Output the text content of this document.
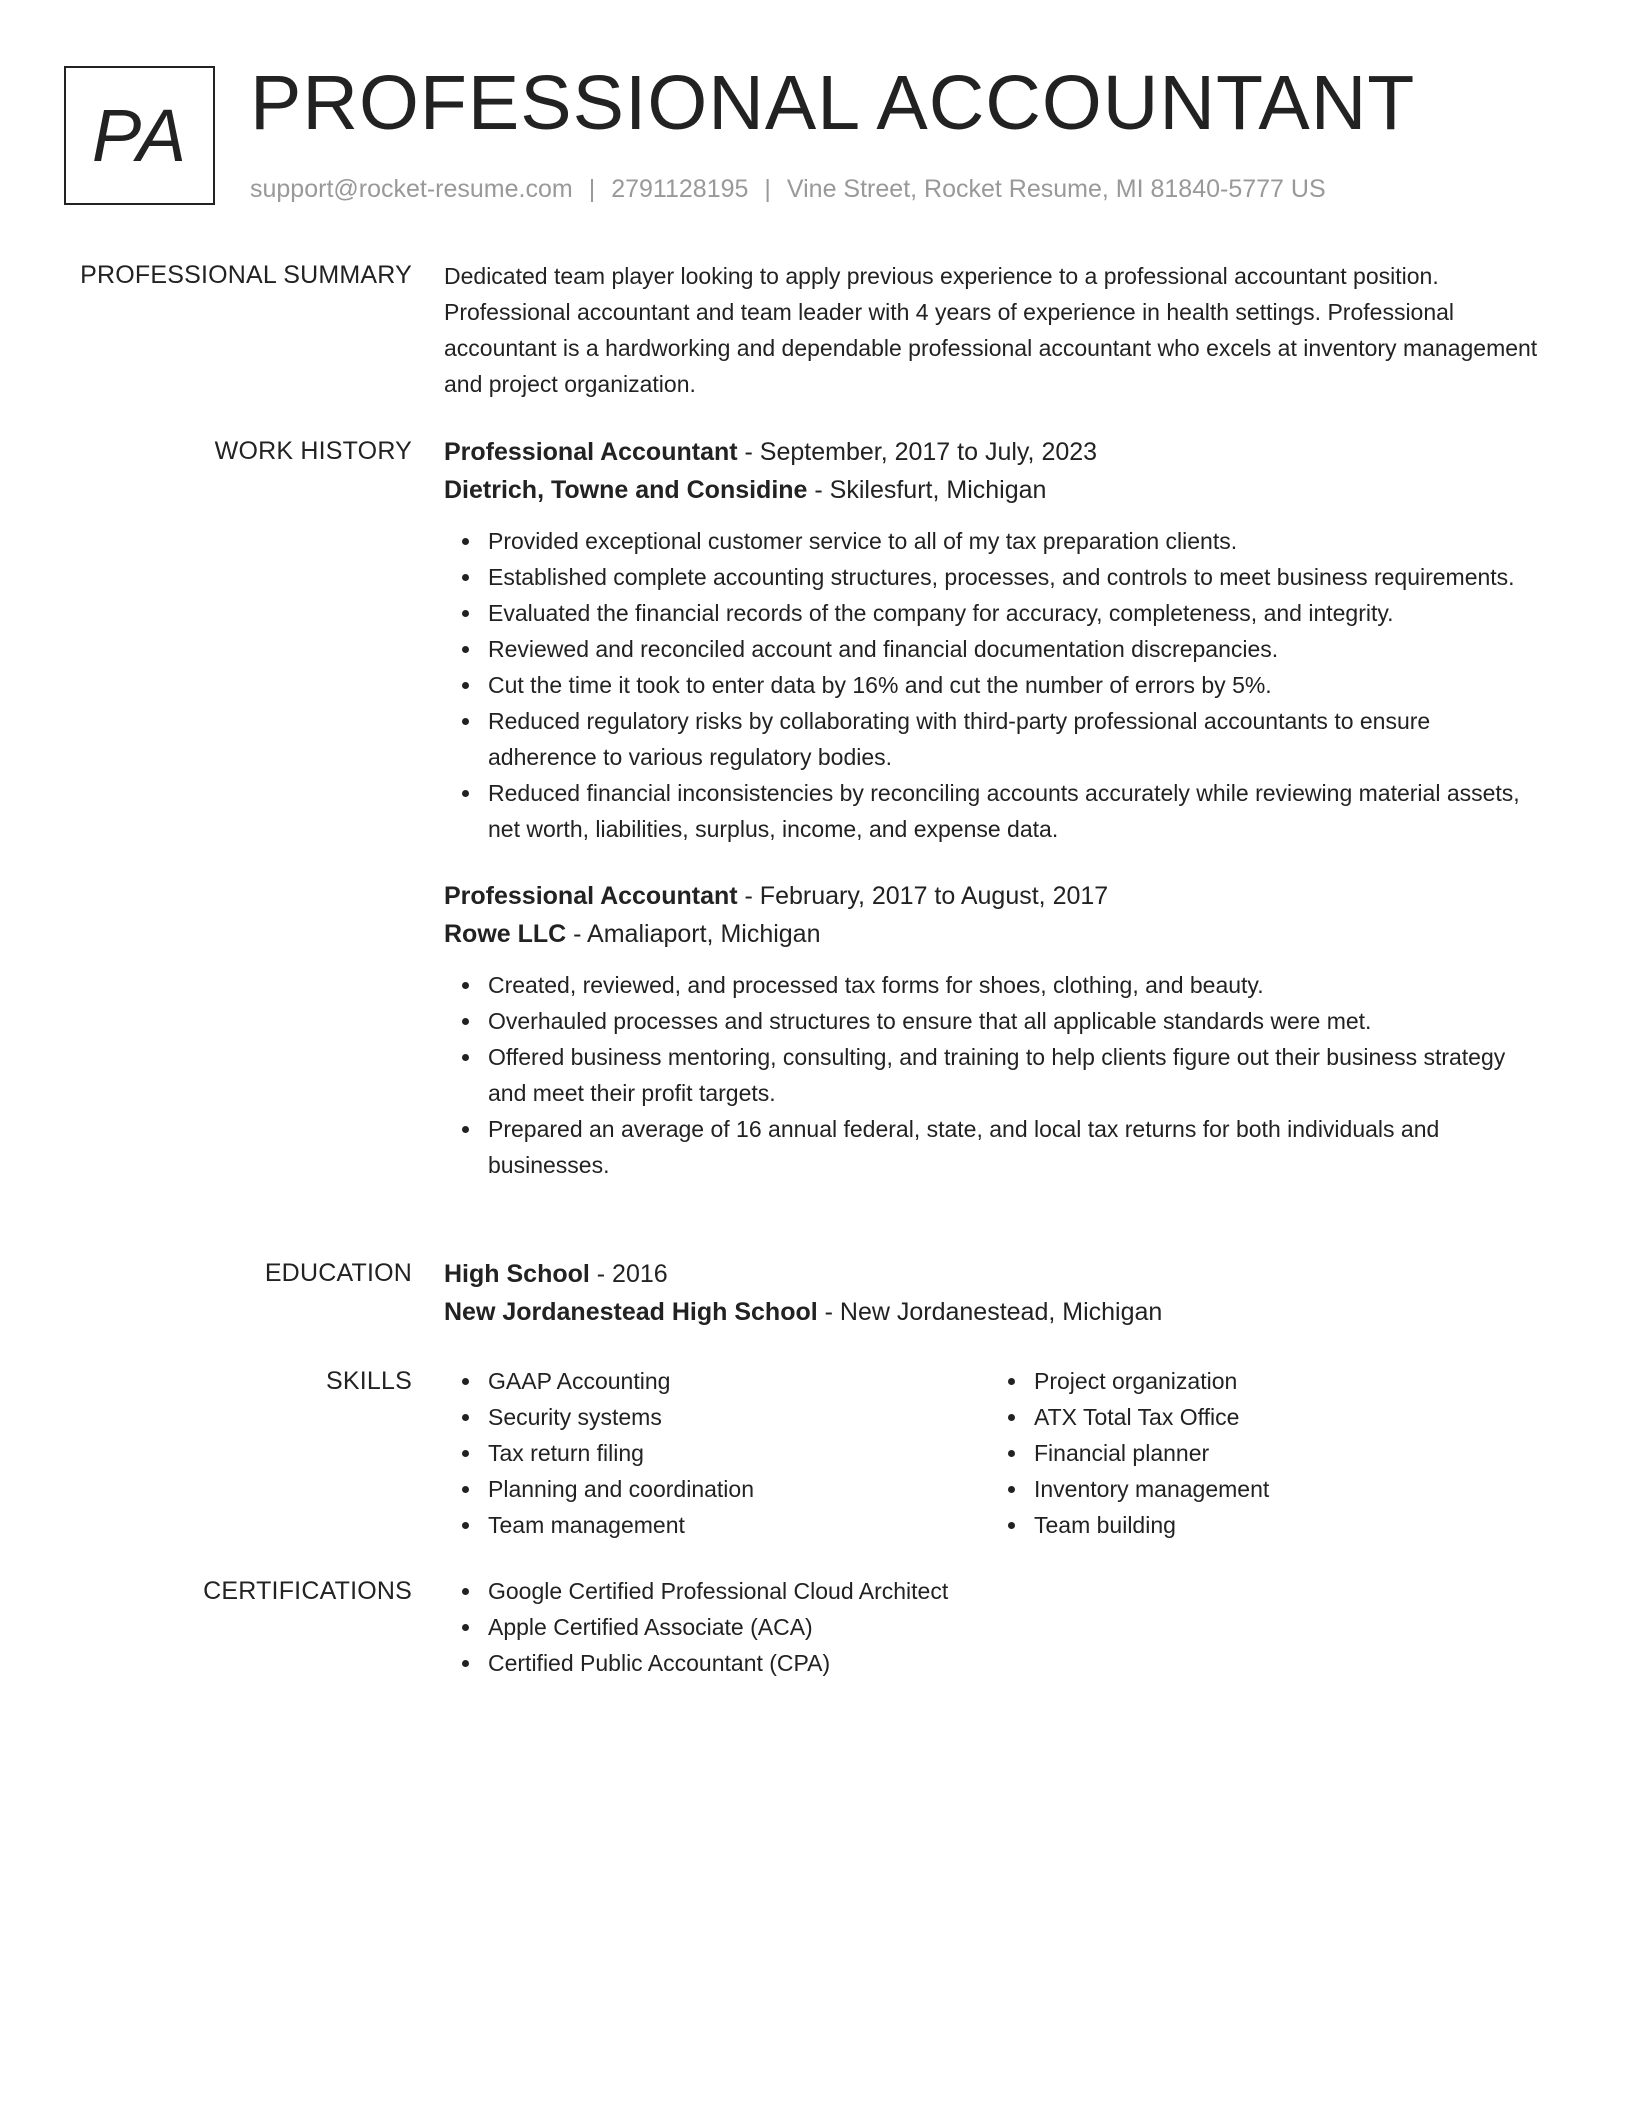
PA PROFESSIONAL ACCOUNTANT
support@rocket-resume.com | 2791128195 | Vine Street, Rocket Resume, MI 81840-5777 US
PROFESSIONAL SUMMARY Dedicated team player looking to apply previous experience to a professional accountant position. Professional accountant and team leader with 4 years of experience in health settings. Professional accountant is a hardworking and dependable professional accountant who excels at inventory management and project organization.

WORK HISTORY Professional Accountant - September, 2017 to July, 2023
Dietrich, Towne and Considine - Skilesfurt, Michigan
Provided exceptional customer service to all of my tax preparation clients.
Established complete accounting structures, processes, and controls to meet business requirements.
Evaluated the financial records of the company for accuracy, completeness, and integrity.
Reviewed and reconciled account and financial documentation discrepancies.
Cut the time it took to enter data by 16% and cut the number of errors by 5%.
Reduced regulatory risks by collaborating with third-party professional accountants to ensure adherence to various regulatory bodies.
Reduced financial inconsistencies by reconciling accounts accurately while reviewing material assets, net worth, liabilities, surplus, income, and expense data.
Professional Accountant - February, 2017 to August, 2017
Rowe LLC - Amaliaport, Michigan
Created, reviewed, and processed tax forms for shoes, clothing, and beauty.
Overhauled processes and structures to ensure that all applicable standards were met.
Offered business mentoring, consulting, and training to help clients figure out their business strategy and meet their profit targets.
Prepared an average of 16 annual federal, state, and local tax returns for both individuals and businesses.
EDUCATION High School - 2016
New Jordanestead High School - New Jordanestead, Michigan
SKILLS	GAAP Accounting
Security systems
Tax return filing
Planning and coordination
Team management
Project organization
ATX Total Tax Office
Financial planner
Inventory management
Team building
CERTIFICATIONS	Google Certified Professional Cloud Architect
Apple Certified Associate (ACA)
Certified Public Accountant (CPA)
